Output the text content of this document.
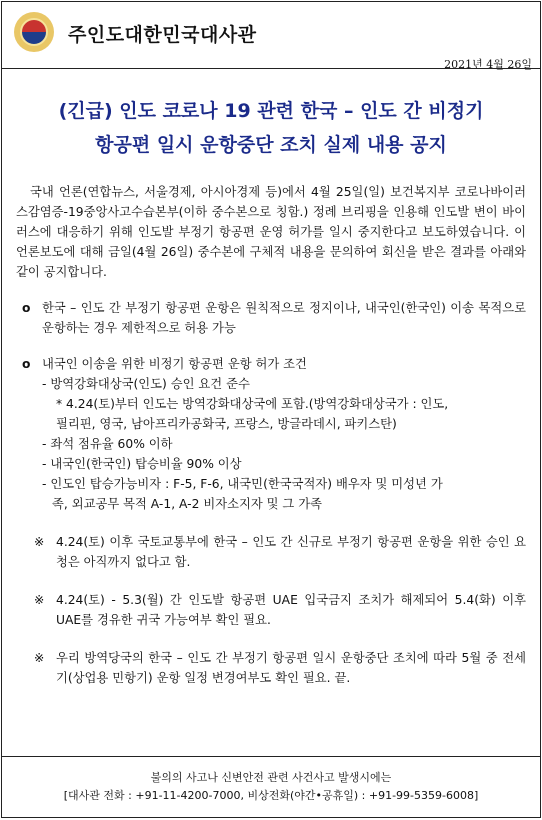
주인도대한민국대사관
2021년 4월 26일
(긴급) 인도 코로나 19 관련 한국 – 인도 간 비정기
항공편 일시 운항중단 조치 실제 내용 공지

국내 언론(연합뉴스, 서울경제, 아시아경제 등)에서 4월 25일(일) 보건복지부 코로나바이러스감염증-19중앙사고수습본부(이하 중수본으로 칭함.) 정례 브리핑을 인용해 인도발 변이 바이러스에 대응하기 위해 인도발 부정기 항공편 운영 허가를 일시 중지한다고 보도하였습니다. 이 언론보도에 대해 금일(4월 26일) 중수본에 구체적 내용을 문의하여 회신을 받은 결과를 아래와 같이 공지합니다.

o 한국 – 인도 간 부정기 항공편 운항은 원칙적으로 정지이나, 내국인(한국인) 이송 목적으로 운항하는 경우 제한적으로 허용 가능
o 내국인 이송을 위한 비정기 항공편 운항 허가 조건
- 방역강화대상국(인도) 승인 요건 준수
* 4.24(토)부터 인도는 방역강화대상국에 포함.(방역강화대상국가 : 인도,
필리핀, 영국, 남아프리카공화국, 프랑스, 방글라데시, 파키스탄)
- 좌석 점유율 60% 이하
- 내국인(한국인) 탑승비율 90% 이상
- 인도인 탑승가능비자 : F-5, F-6, 내국민(한국국적자) 배우자 및 미성년 가
족, 외교공무 목적 A-1, A-2 비자소지자 및 그 가족
※ 4.24(토) 이후 국토교통부에 한국 – 인도 간 신규로 부정기 항공편 운항을 위한 승인 요청은 아직까지 없다고 함.
※ 4.24(토) - 5.3(월) 간 인도발 항공편 UAE 입국금지 조치가 해제되어 5.4(화) 이후 UAE를 경유한 귀국 가능여부 확인 필요.
※ 우리 방역당국의 한국 – 인도 간 부정기 항공편 일시 운항중단 조치에 따라 5월 중 전세기(상업용 민항기) 운항 일정 변경여부도 확인 필요. 끝.
불의의 사고나 신변안전 관련 사건사고 발생시에는
[대사관 전화 : +91-11-4200-7000, 비상전화(야간•공휴일) : +91-99-5359-6008]
